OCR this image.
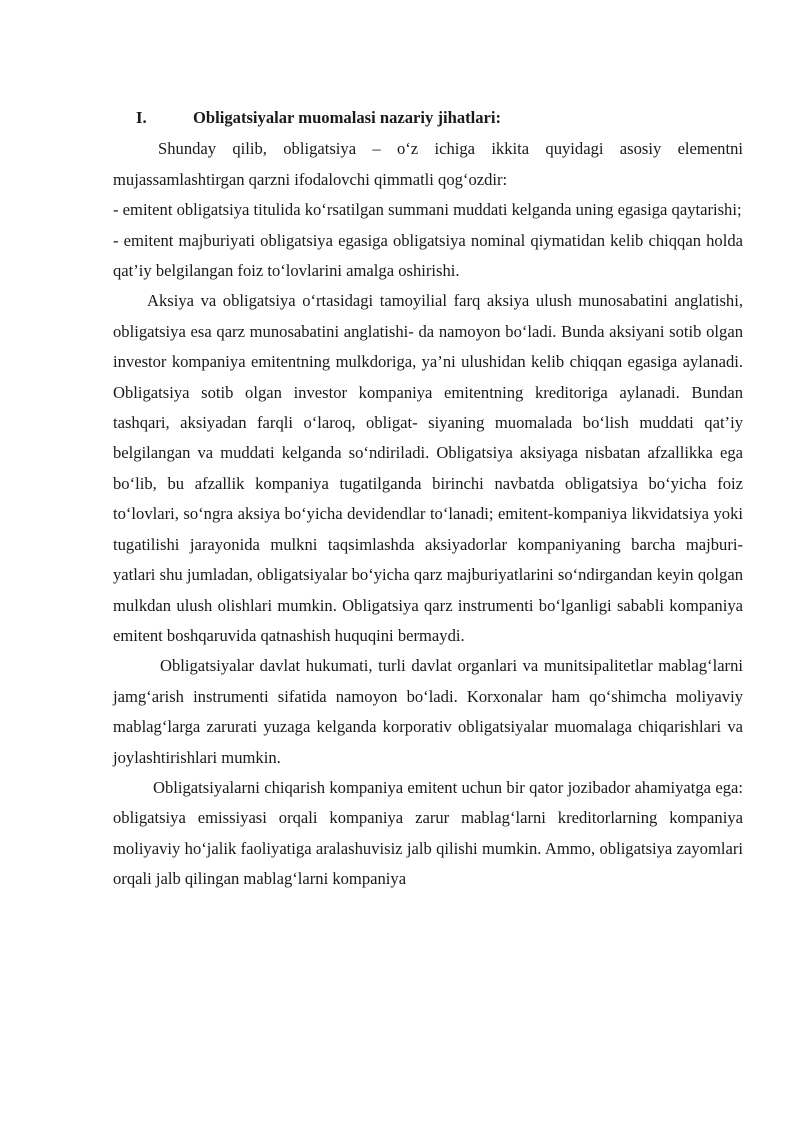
I.	Obligatsiyalar muomalasi nazariy jihatlari:

Shunday qilib, obligatsiya – o‘z ichiga ikkita quyidagi asosiy elementni mujassamlashtirgan qarzni ifodalovchi qimmatli qog‘ozdir:

- emitent obligatsiya titulida ko‘rsatilgan summani muddati kelganda uning egasiga qaytarishi;

- emitent majburiyati obligatsiya egasiga obligatsiya nominal qiymatidan kelib chiqqan holda qat’iy belgilangan foiz to‘lovlarini amalga oshirishi.

Aksiya va obligatsiya o‘rtasidagi tamoyilial farq aksiya ulush munosabatini anglatishi, obligatsiya esa qarz munosabatini anglatishi- da namoyon bo‘ladi. Bunda aksiyani sotib olgan investor kompaniya emitentning mulkdoriga, ya’ni ulushidan kelib chiqqan egasiga aylanadi. Obligatsiya sotib olgan investor kompaniya emitentning kreditoriga aylanadi. Bundan tashqari, aksiyadan farqli o‘laroq, obligat- siyaning muomalada bo‘lish muddati qat’iy belgilangan va muddati kelganda so‘ndiriladi. Obligatsiya aksiyaga nisbatan afzallikka ega bo‘lib, bu afzallik kompaniya tugatilganda birinchi navbatda obligatsiya bo‘yicha foiz to‘lovlari, so‘ngra aksiya bo‘yicha devidendlar to‘lanadi; emitent-kompaniya likvidatsiya yoki tugatilishi jarayonida mulkni taqsimlashda aksiyadorlar kompaniyaning barcha majburi- yatlari shu jumladan, obligatsiyalar bo‘yicha qarz majburiyatlarini so‘ndirgandan keyin qolgan mulkdan ulush olishlari mumkin. Obligatsiya qarz instrumenti bo‘lganligi sababli kompaniya emitent boshqaruvida qatnashish huquqini bermaydi.

Obligatsiyalar davlat hukumati, turli davlat organlari va munitsipalitetlar mablag‘larni jamg‘arish instrumenti sifatida namoyon bo‘ladi. Korxonalar ham qo‘shimcha moliyaviy mablag‘larga zarurati yuzaga kelganda korporativ obligatsiyalar muomalaga chiqarishlari va joylashtirishlari mumkin.

Obligatsiyalarni chiqarish kompaniya emitent uchun bir qator jozibador ahamiyatga ega: obligatsiya emissiyasi orqali kompaniya zarur mablag‘larni kreditorlarning kompaniya moliyaviy ho‘jalik faoliyatiga aralashuvisiz jalb qilishi mumkin. Ammo, obligatsiya zayomlari orqali jalb qilingan mablag‘larni kompaniya
